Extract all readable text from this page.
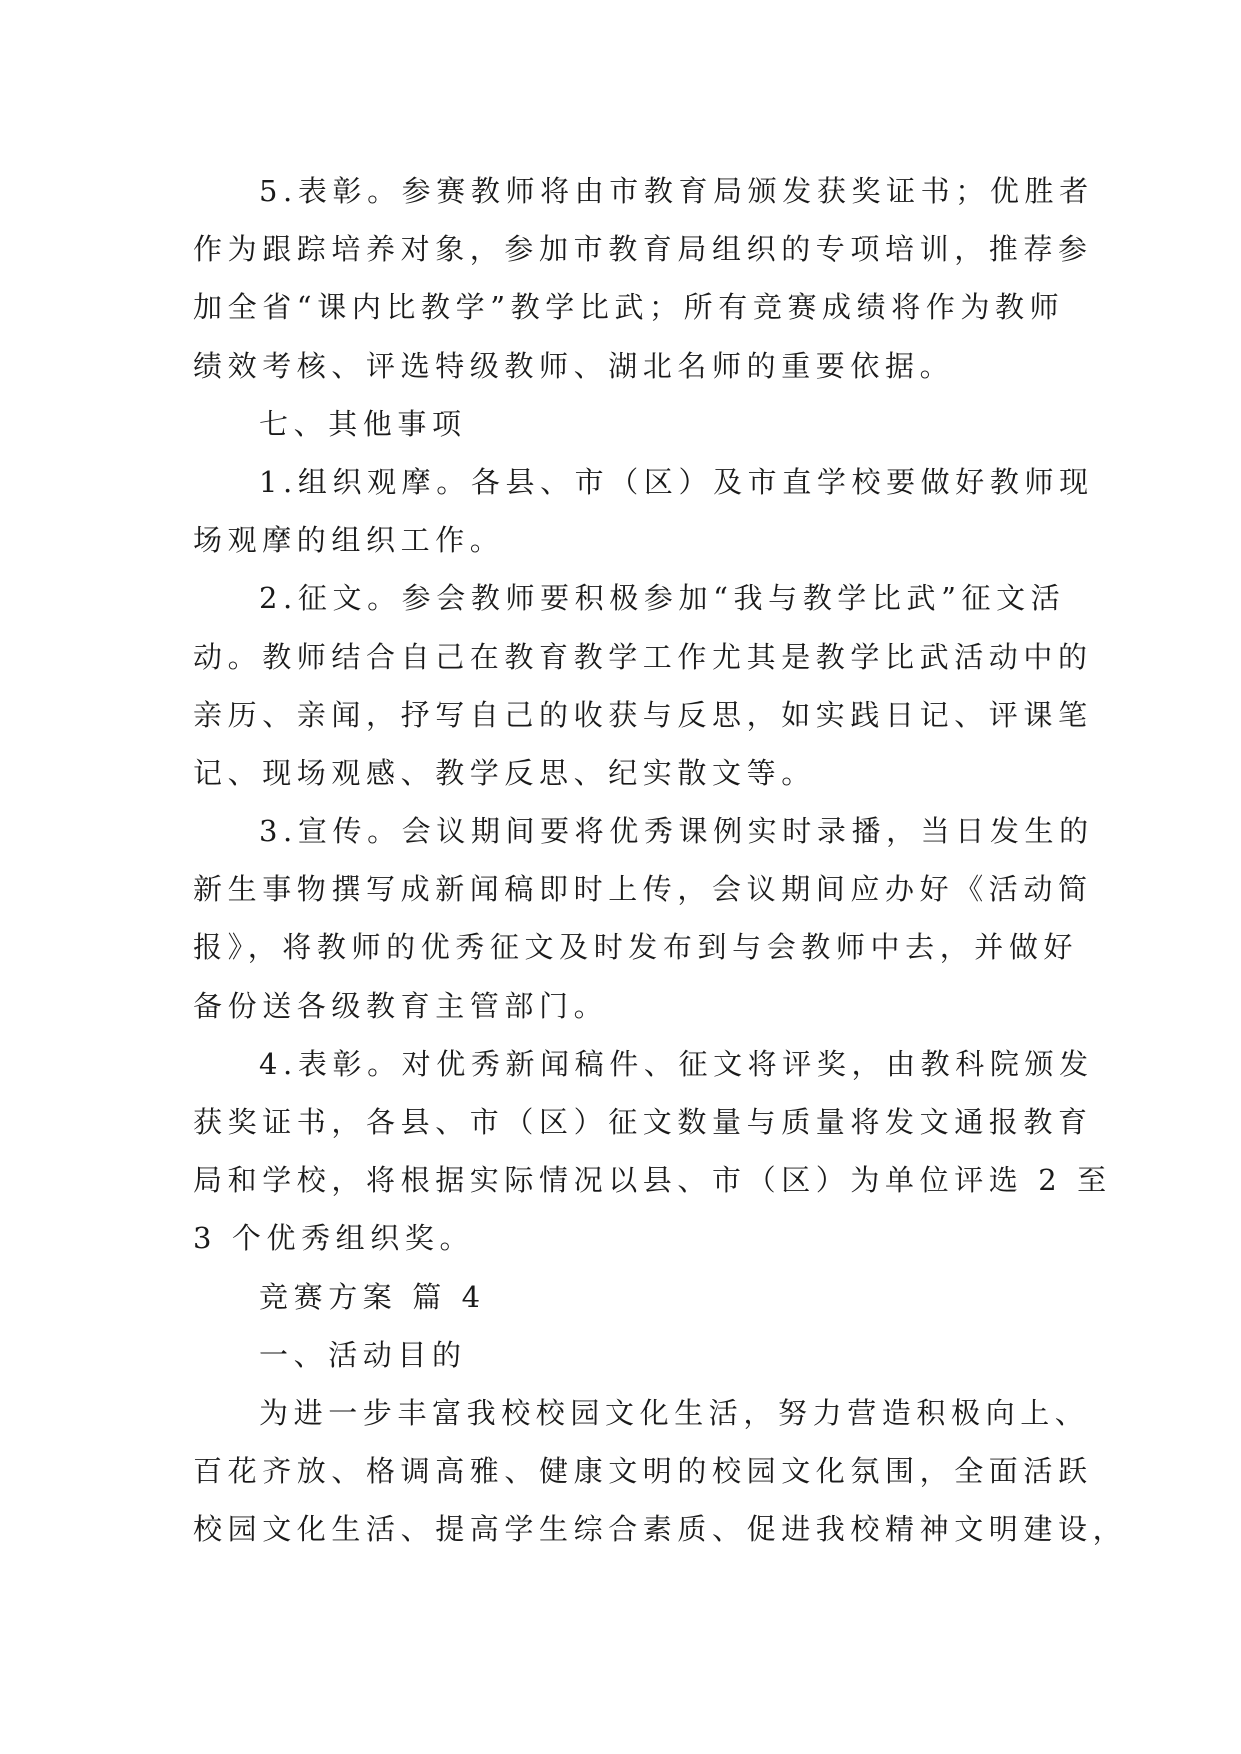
5.表彰。参赛教师将由市教育局颁发获奖证书；优胜者
作为跟踪培养对象，参加市教育局组织的专项培训，推荐参
加全省“课内比教学”教学比武；所有竞赛成绩将作为教师
绩效考核、评选特级教师、湖北名师的重要依据。
七、其他事项
1.组织观摩。各县、市（区）及市直学校要做好教师现
场观摩的组织工作。
2.征文。参会教师要积极参加“我与教学比武”征文活
动。教师结合自己在教育教学工作尤其是教学比武活动中的
亲历、亲闻，抒写自己的收获与反思，如实践日记、评课笔
记、现场观感、教学反思、纪实散文等。
3.宣传。会议期间要将优秀课例实时录播，当日发生的
新生事物撰写成新闻稿即时上传，会议期间应办好《活动简
报》，将教师的优秀征文及时发布到与会教师中去，并做好
备份送各级教育主管部门。
4.表彰。对优秀新闻稿件、征文将评奖，由教科院颁发
获奖证书，各县、市（区）征文数量与质量将发文通报教育
局和学校，将根据实际情况以县、市（区）为单位评选 2 至
3 个优秀组织奖。
竞赛方案 篇 4
一、活动目的
为进一步丰富我校校园文化生活，努力营造积极向上、
百花齐放、格调高雅、健康文明的校园文化氛围，全面活跃
校园文化生活、提高学生综合素质、促进我校精神文明建设，
